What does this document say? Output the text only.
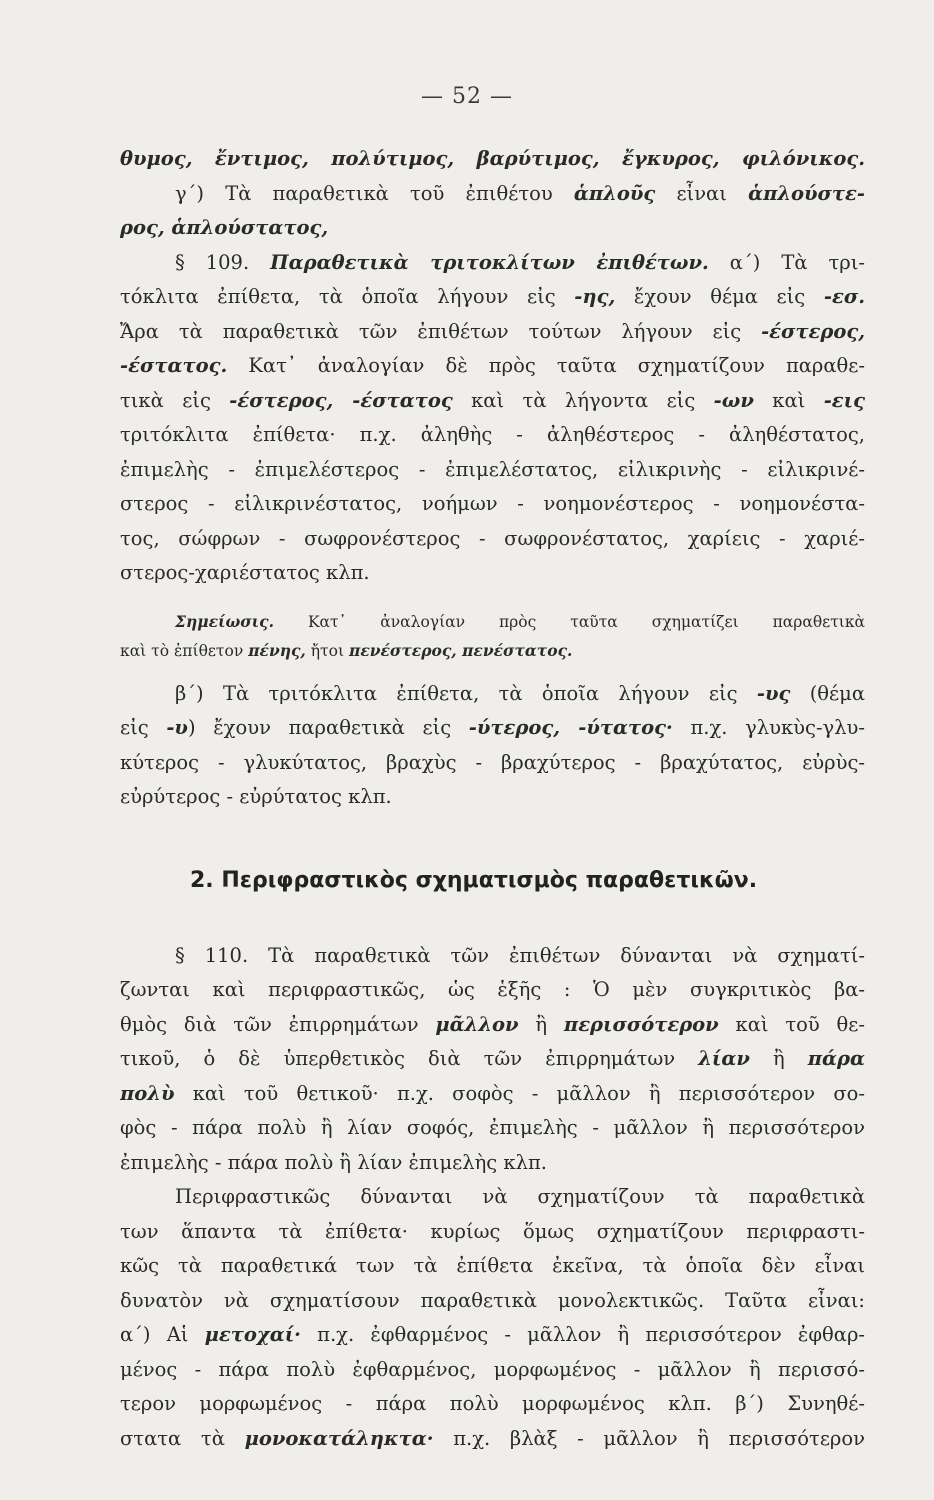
— 52 —
θυμος, ἔντιμος, πολύτιμος, βαρύτιμος, ἔγκυρος, φιλόνικος.
γ΄) Τὰ παραθετικὰ τοῦ ἐπιθέτου ἁπλοῦς εἶναι ἁπλούστε-
ρος, ἁπλούστατος,
§ 109. Παραθετικὰ τριτοκλίτων ἐπιθέτων. α΄) Τὰ τρι-
τόκλιτα ἐπίθετα, τὰ ὁποῖα λήγουν εἰς -ης, ἔχουν θέμα εἰς -εσ.
Ἄρα τὰ παραθετικὰ τῶν ἐπιθέτων τούτων λήγουν εἰς -έστερος,
-έστατος. Κατ᾽ ἀναλογίαν δὲ πρὸς ταῦτα σχηματίζουν παραθε-
τικὰ εἰς -έστερος, -έστατος καὶ τὰ λήγοντα εἰς -ων καὶ -εις
τριτόκλιτα ἐπίθετα· π.χ. ἀληθὴς - ἀληθέστερος - ἀληθέστατος,
ἐπιμελὴς - ἐπιμελέστερος - ἐπιμελέστατος, εἰλικρινὴς - εἰλικρινέ-
στερος - εἰλικρινέστατος, νοήμων - νοημονέστερος - νοημονέστα-
τος, σώφρων - σωφρονέστερος - σωφρονέστατος, χαρίεις - χαριέ-
στερος-χαριέστατος κλπ.
Σημείωσις. Κατ᾽ ἀναλογίαν πρὸς ταῦτα σχηματίζει παραθετικὰ
καὶ τὸ ἐπίθετον πένης, ἤτοι πενέστερος, πενέστατος.
β΄) Τὰ τριτόκλιτα ἐπίθετα, τὰ ὁποῖα λήγουν εἰς -υς (θέμα
εἰς -υ) ἔχουν παραθετικὰ εἰς -ύτερος, -ύτατος· π.χ. γλυκὺς-γλυ-
κύτερος - γλυκύτατος, βραχὺς - βραχύτερος - βραχύτατος, εὐρὺς-
εὐρύτερος - εὐρύτατος κλπ.
2. Περιφραστικὸς σχηματισμὸς παραθετικῶν.
§ 110. Τὰ παραθετικὰ τῶν ἐπιθέτων δύνανται νὰ σχηματί-
ζωνται καὶ περιφραστικῶς, ὡς ἑξῆς : Ὁ μὲν συγκριτικὸς βα-
θμὸς διὰ τῶν ἐπιρρημάτων μᾶλλον ἢ περισσότερον καὶ τοῦ θε-
τικοῦ, ὁ δὲ ὑπερθετικὸς διὰ τῶν ἐπιρρημάτων λίαν ἢ πάρα
πολὺ καὶ τοῦ θετικοῦ· π.χ. σοφὸς - μᾶλλον ἢ περισσότερον σο-
φὸς - πάρα πολὺ ἢ λίαν σοφός, ἐπιμελὴς - μᾶλλον ἢ περισσότερον
ἐπιμελὴς - πάρα πολὺ ἢ λίαν ἐπιμελὴς κλπ.
Περιφραστικῶς δύνανται νὰ σχηματίζουν τὰ παραθετικὰ
των ἅπαντα τὰ ἐπίθετα· κυρίως ὅμως σχηματίζουν περιφραστι-
κῶς τὰ παραθετικά των τὰ ἐπίθετα ἐκεῖνα, τὰ ὁποῖα δὲν εἶναι
δυνατὸν νὰ σχηματίσουν παραθετικὰ μονολεκτικῶς. Ταῦτα εἶναι:
α΄) Αἱ μετοχαί· π.χ. ἐφθαρμένος - μᾶλλον ἢ περισσότερον ἐφθαρ-
μένος - πάρα πολὺ ἐφθαρμένος, μορφωμένος - μᾶλλον ἢ περισσό-
τερον μορφωμένος - πάρα πολὺ μορφωμένος κλπ. β΄) Συνηθέ-
στατα τὰ μονοκατάληκτα· π.χ. βλὰξ - μᾶλλον ἢ περισσότερον
